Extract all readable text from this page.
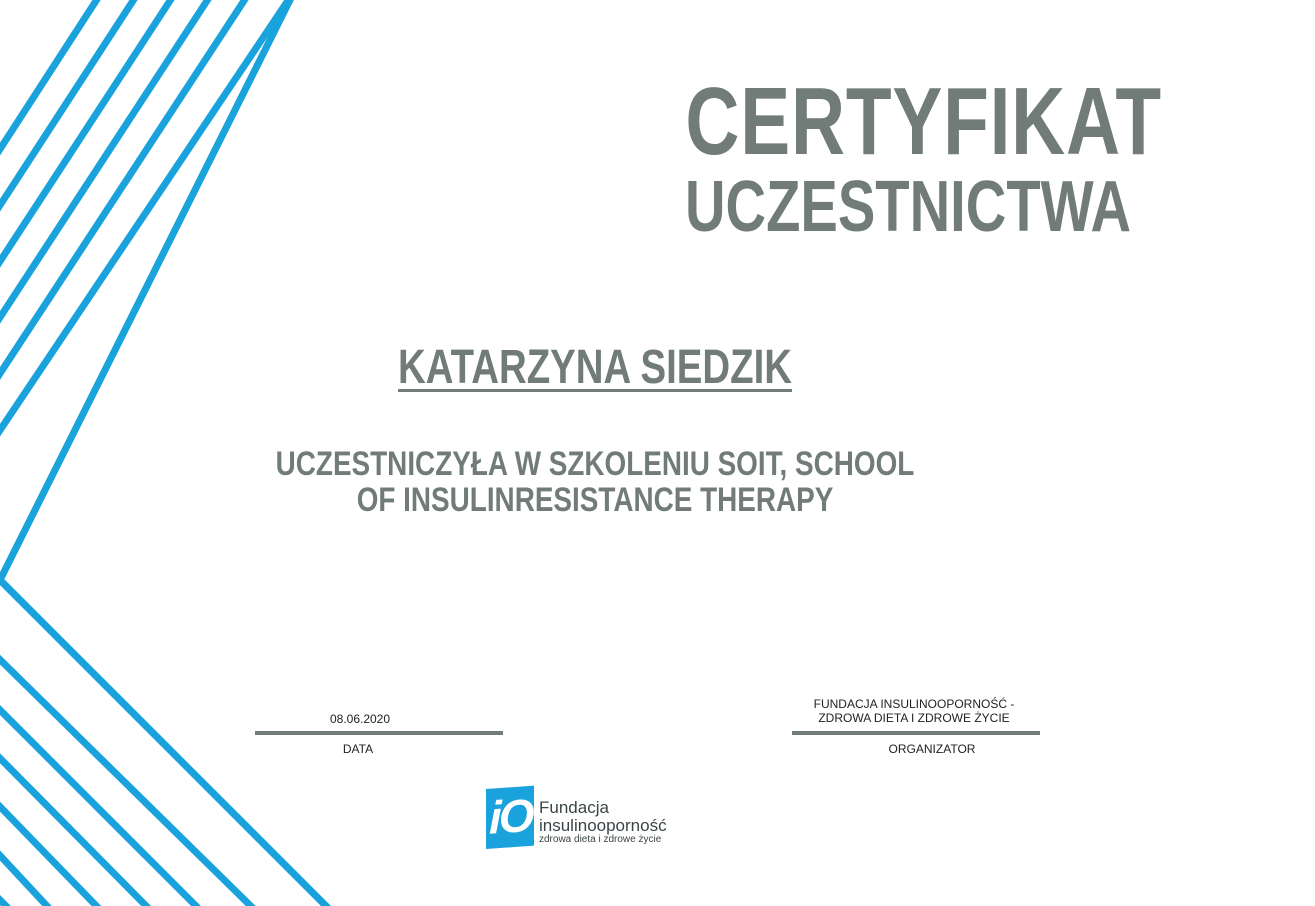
CERTYFIKAT
UCZESTNICTWA
KATARZYNA SIEDZIK
UCZESTNICZYŁA W SZKOLENIU SOIT, SCHOOL OF INSULINRESISTANCE THERAPY
08.06.2020
DATA
FUNDACJA INSULINOOPORNOŚĆ - ZDROWA DIETA I ZDROWE ŻYCIE
ORGANIZATOR
iO Fundacja
insulinooporność
zdrowa dieta i zdrowe życie
